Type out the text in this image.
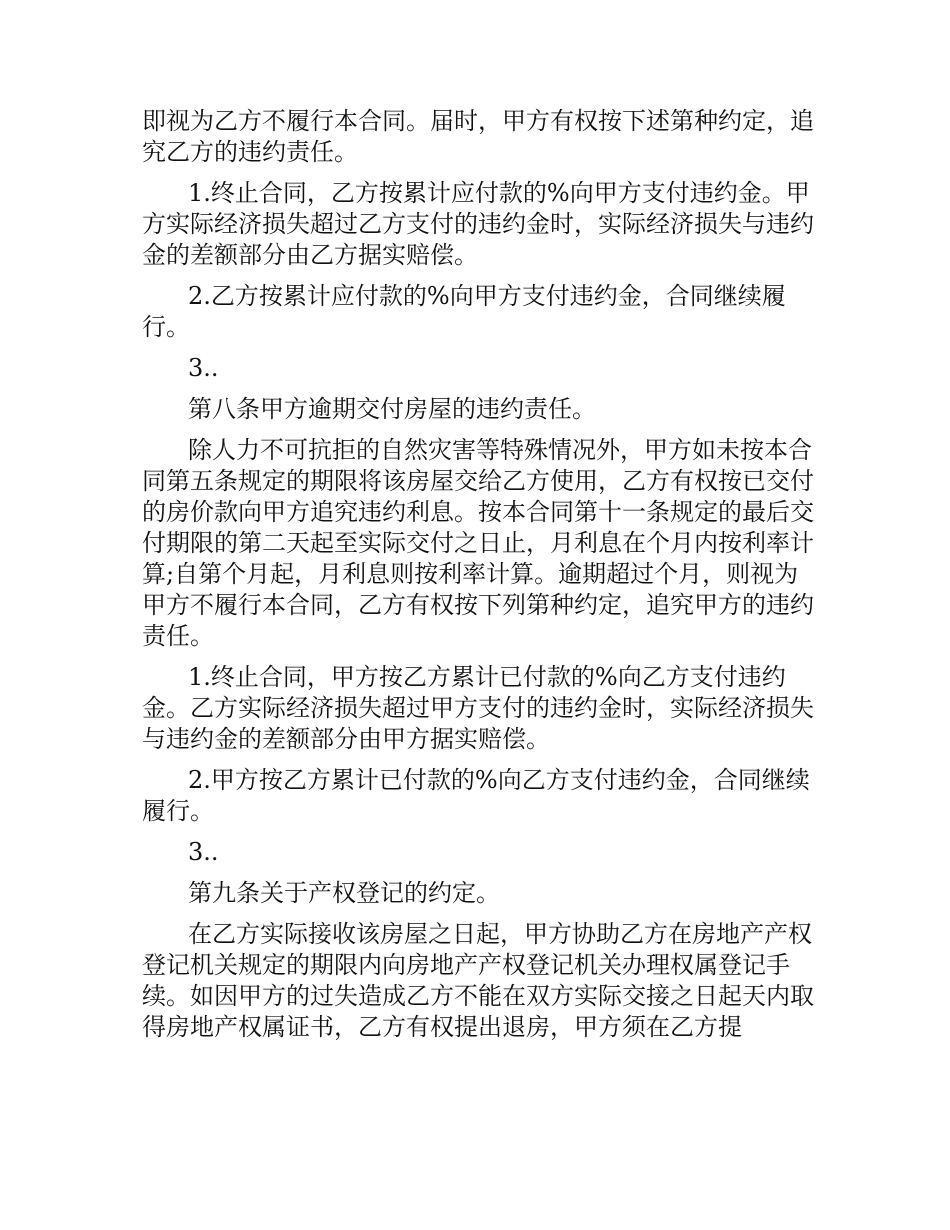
即视为乙方不履行本合同。届时，甲方有权按下述第种约定，追究乙方的违约责任。

1.终止合同，乙方按累计应付款的%向甲方支付违约金。甲方实际经济损失超过乙方支付的违约金时，实际经济损失与违约金的差额部分由乙方据实赔偿。

2.乙方按累计应付款的%向甲方支付违约金，合同继续履行。

3..

第八条甲方逾期交付房屋的违约责任。

除人力不可抗拒的自然灾害等特殊情况外，甲方如未按本合同第五条规定的期限将该房屋交给乙方使用，乙方有权按已交付的房价款向甲方追究违约利息。按本合同第十一条规定的最后交付期限的第二天起至实际交付之日止，月利息在个月内按利率计算;自第个月起，月利息则按利率计算。逾期超过个月，则视为甲方不履行本合同，乙方有权按下列第种约定，追究甲方的违约责任。

1.终止合同，甲方按乙方累计已付款的%向乙方支付违约金。乙方实际经济损失超过甲方支付的违约金时，实际经济损失与违约金的差额部分由甲方据实赔偿。

2.甲方按乙方累计已付款的%向乙方支付违约金，合同继续履行。

3..

第九条关于产权登记的约定。

在乙方实际接收该房屋之日起，甲方协助乙方在房地产产权登记机关规定的期限内向房地产产权登记机关办理权属登记手续。如因甲方的过失造成乙方不能在双方实际交接之日起天内取得房地产权属证书，乙方有权提出退房，甲方须在乙方提
